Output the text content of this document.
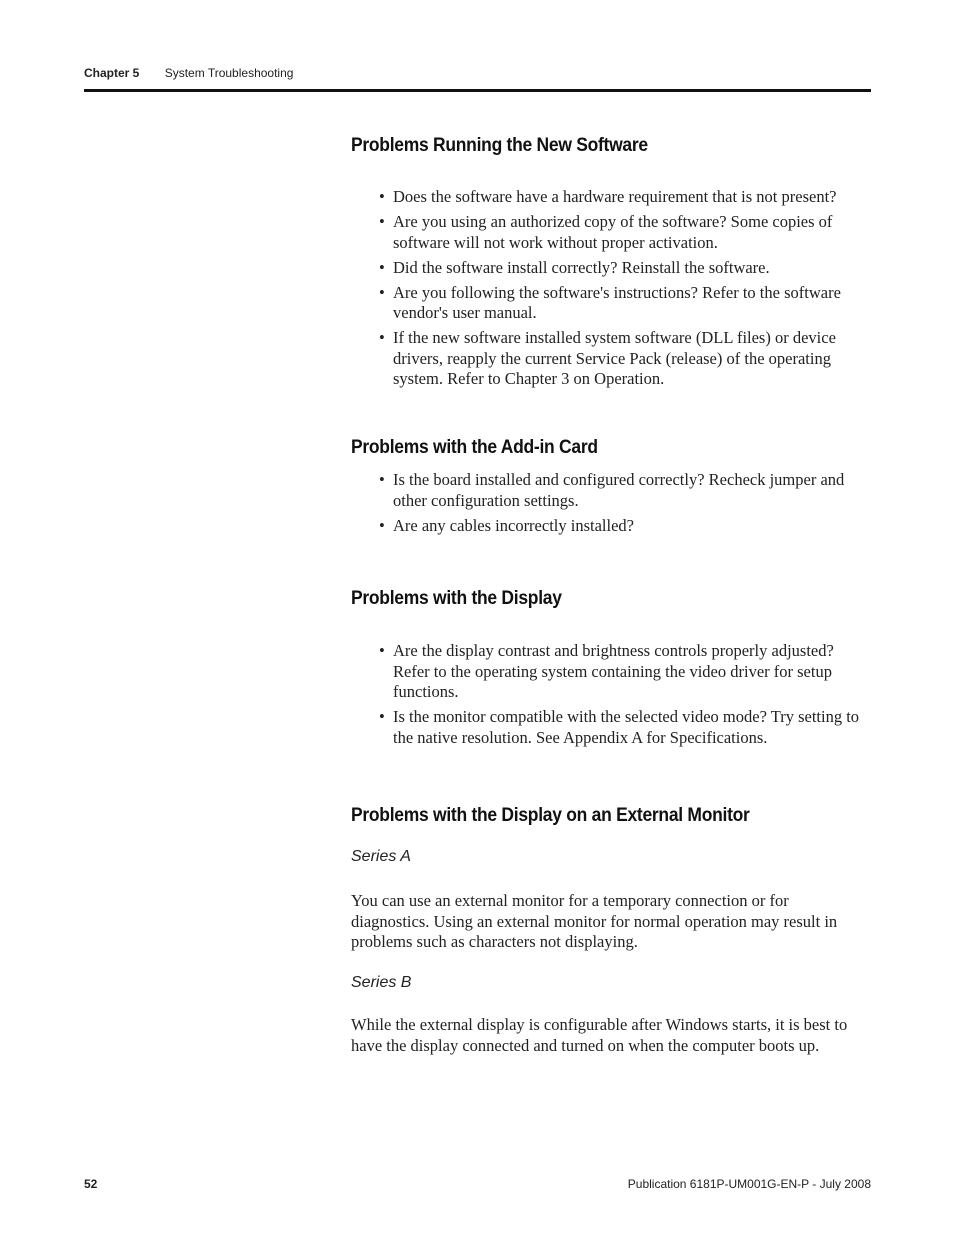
Chapter 5 System Troubleshooting
Problems Running the New Software
• Does the software have a hardware requirement that is not present?
• Are you using an authorized copy of the software? Some copies of software will not work without proper activation.
• Did the software install correctly? Reinstall the software.
• Are you following the software's instructions? Refer to the software vendor's user manual.
• If the new software installed system software (DLL files) or device drivers, reapply the current Service Pack (release) of the operating system. Refer to Chapter 3 on Operation.
Problems with the Add-in Card
• Is the board installed and configured correctly? Recheck jumper and other configuration settings.
• Are any cables incorrectly installed?
Problems with the Display
• Are the display contrast and brightness controls properly adjusted? Refer to the operating system containing the video driver for setup functions.
• Is the monitor compatible with the selected video mode? Try setting to the native resolution. See Appendix A for Specifications.
Problems with the Display on an External Monitor
Series A

You can use an external monitor for a temporary connection or for diagnostics. Using an external monitor for normal operation may result in problems such as characters not displaying.

Series B

While the external display is configurable after Windows starts, it is best to have the display connected and turned on when the computer boots up.

52	Publication 6181P-UM001G-EN-P - July 2008
